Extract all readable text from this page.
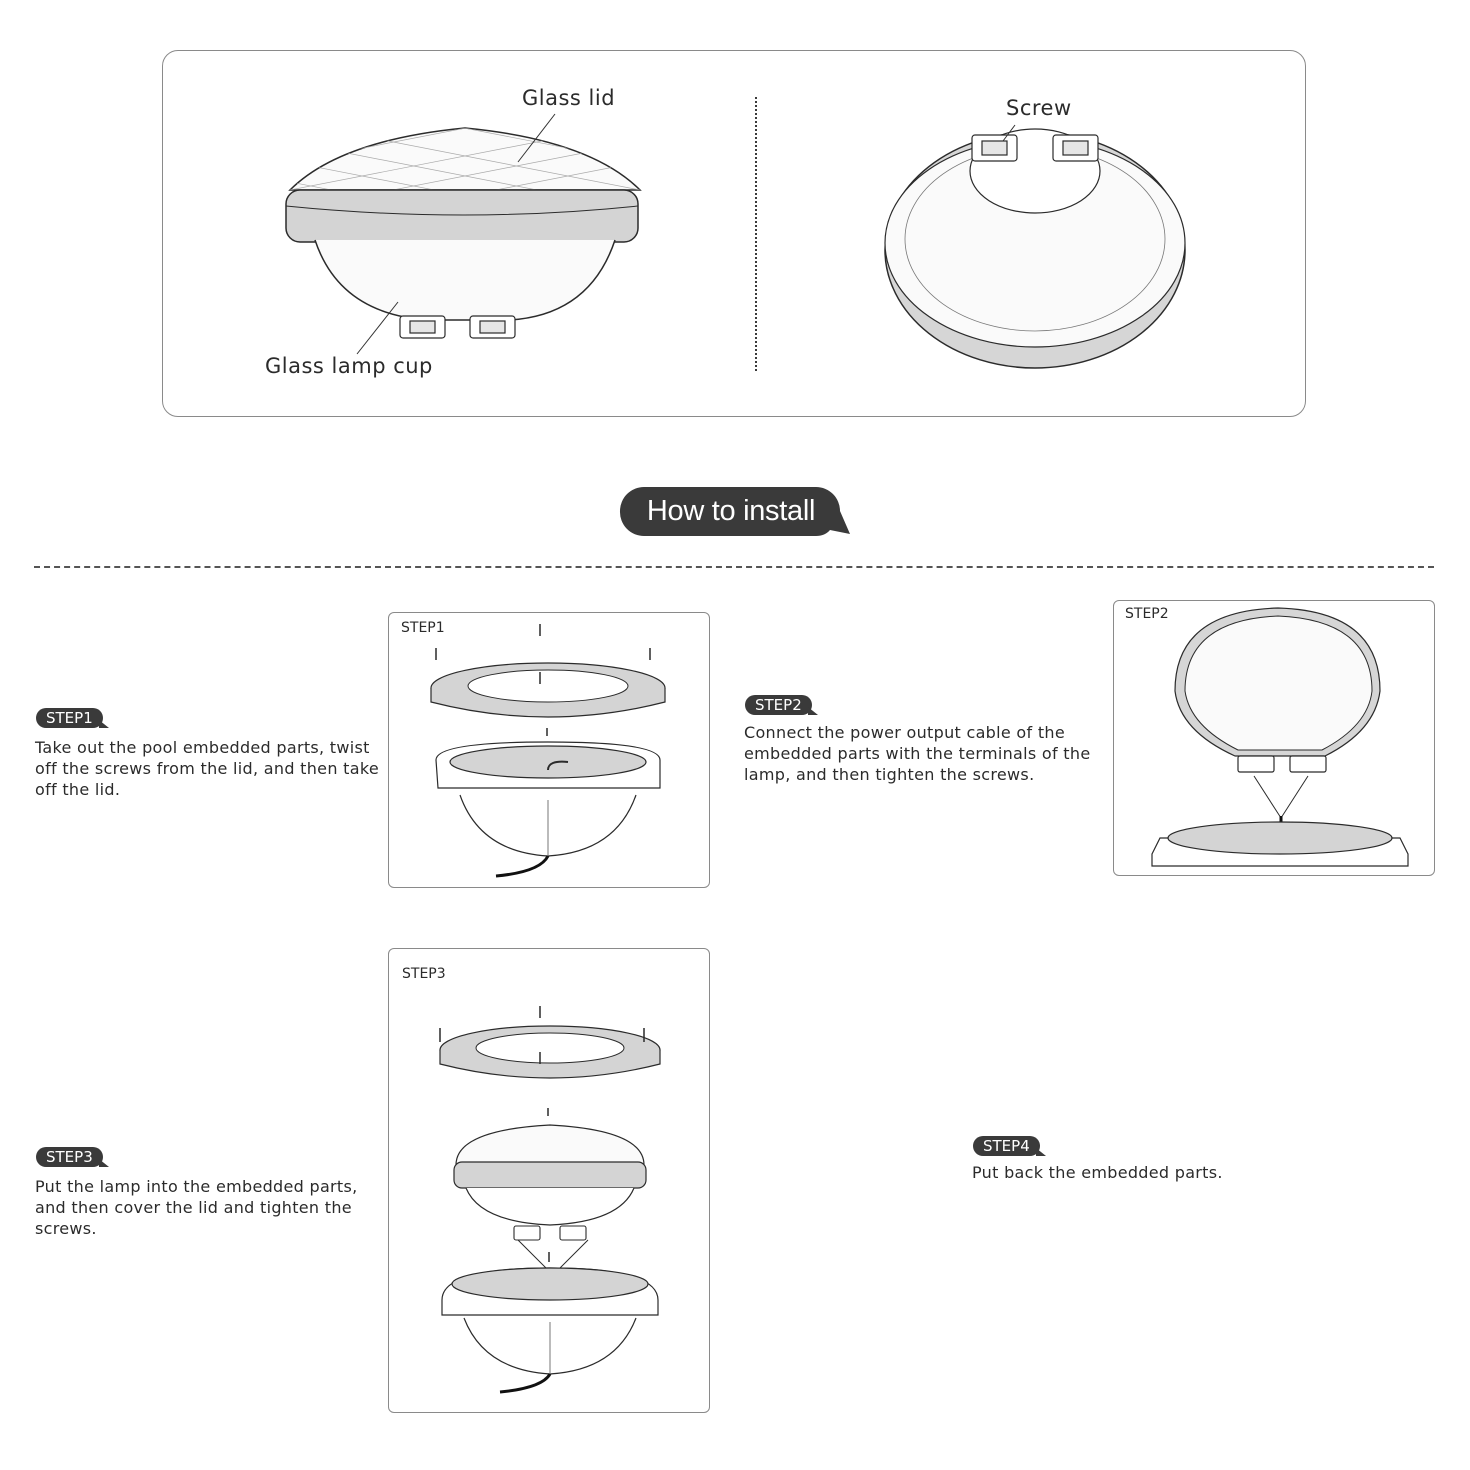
Glass lid
Glass lamp cup
Screw
How to install
STEP1
STEP2
STEP3
STEP1
Take out the pool embedded parts, twist off the screws from the lid, and then take off the lid.
STEP2
Connect the power output cable of the embedded parts with the terminals of the lamp, and then tighten the screws.
STEP3
Put the lamp into the embedded parts, and then cover the lid and tighten the screws.
STEP4
Put back the embedded parts.
